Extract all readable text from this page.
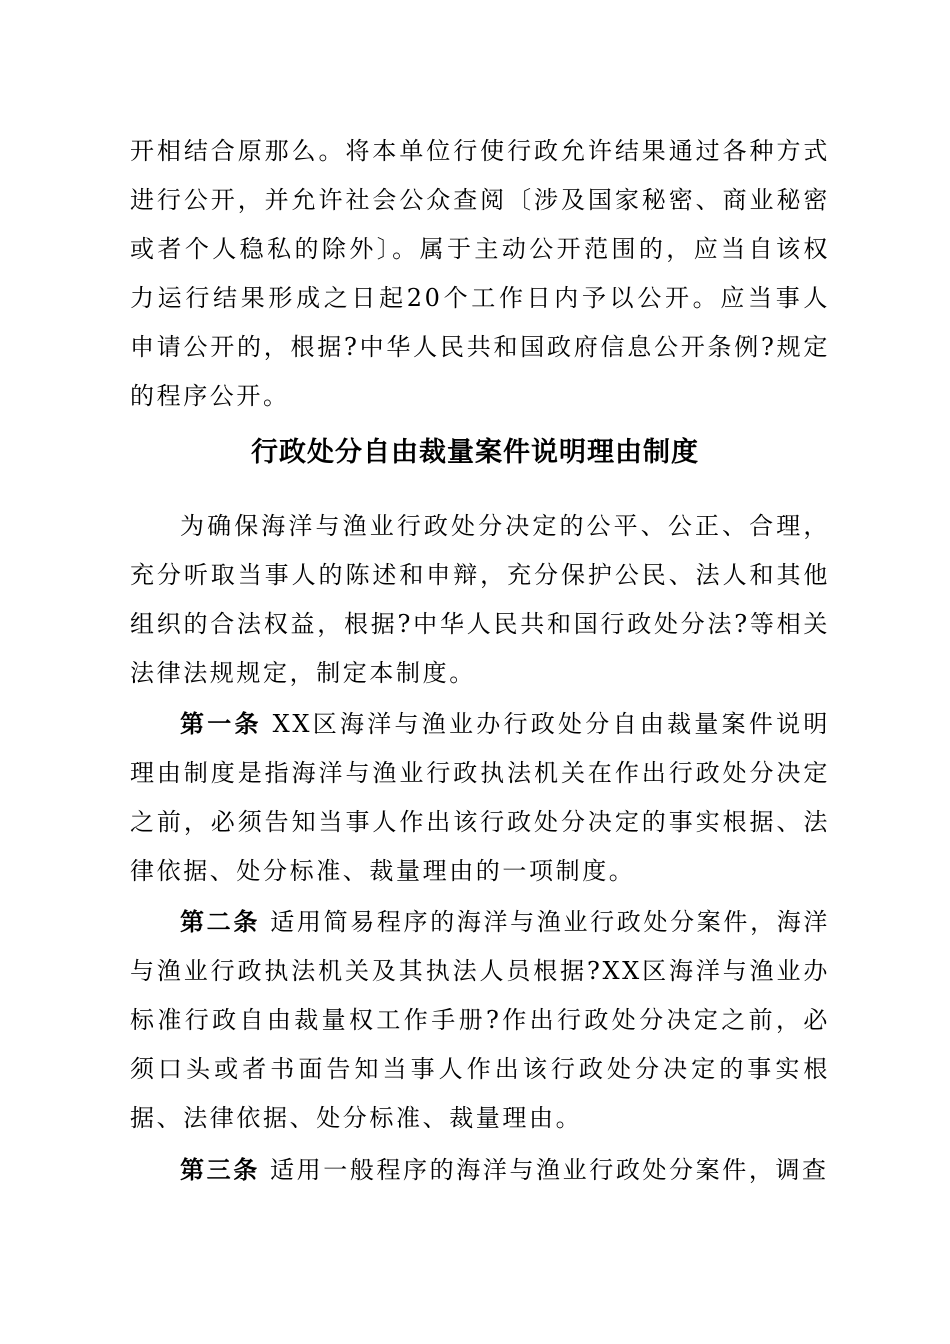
开相结合原那么。将本单位行使行政允许结果通过各种方式进行公开，并允许社会公众查阅〔涉及国家秘密、商业秘密或者个人稳私的除外〕。属于主动公开范围的，应当自该权力运行结果形成之日起20个工作日内予以公开。应当事人申请公开的，根据?中华人民共和国政府信息公开条例?规定的程序公开。

行政处分自由裁量案件说明理由制度

为确保海洋与渔业行政处分决定的公平、公正、合理，充分听取当事人的陈述和申辩，充分保护公民、法人和其他组织的合法权益，根据?中华人民共和国行政处分法?等相关法律法规规定，制定本制度。

第一条 XX区海洋与渔业办行政处分自由裁量案件说明理由制度是指海洋与渔业行政执法机关在作出行政处分决定之前，必须告知当事人作出该行政处分决定的事实根据、法律依据、处分标准、裁量理由的一项制度。

第二条 适用简易程序的海洋与渔业行政处分案件，海洋与渔业行政执法机关及其执法人员根据?XX区海洋与渔业办标准行政自由裁量权工作手册?作出行政处分决定之前，必须口头或者书面告知当事人作出该行政处分决定的事实根据、法律依据、处分标准、裁量理由。

第三条 适用一般程序的海洋与渔业行政处分案件，调查
